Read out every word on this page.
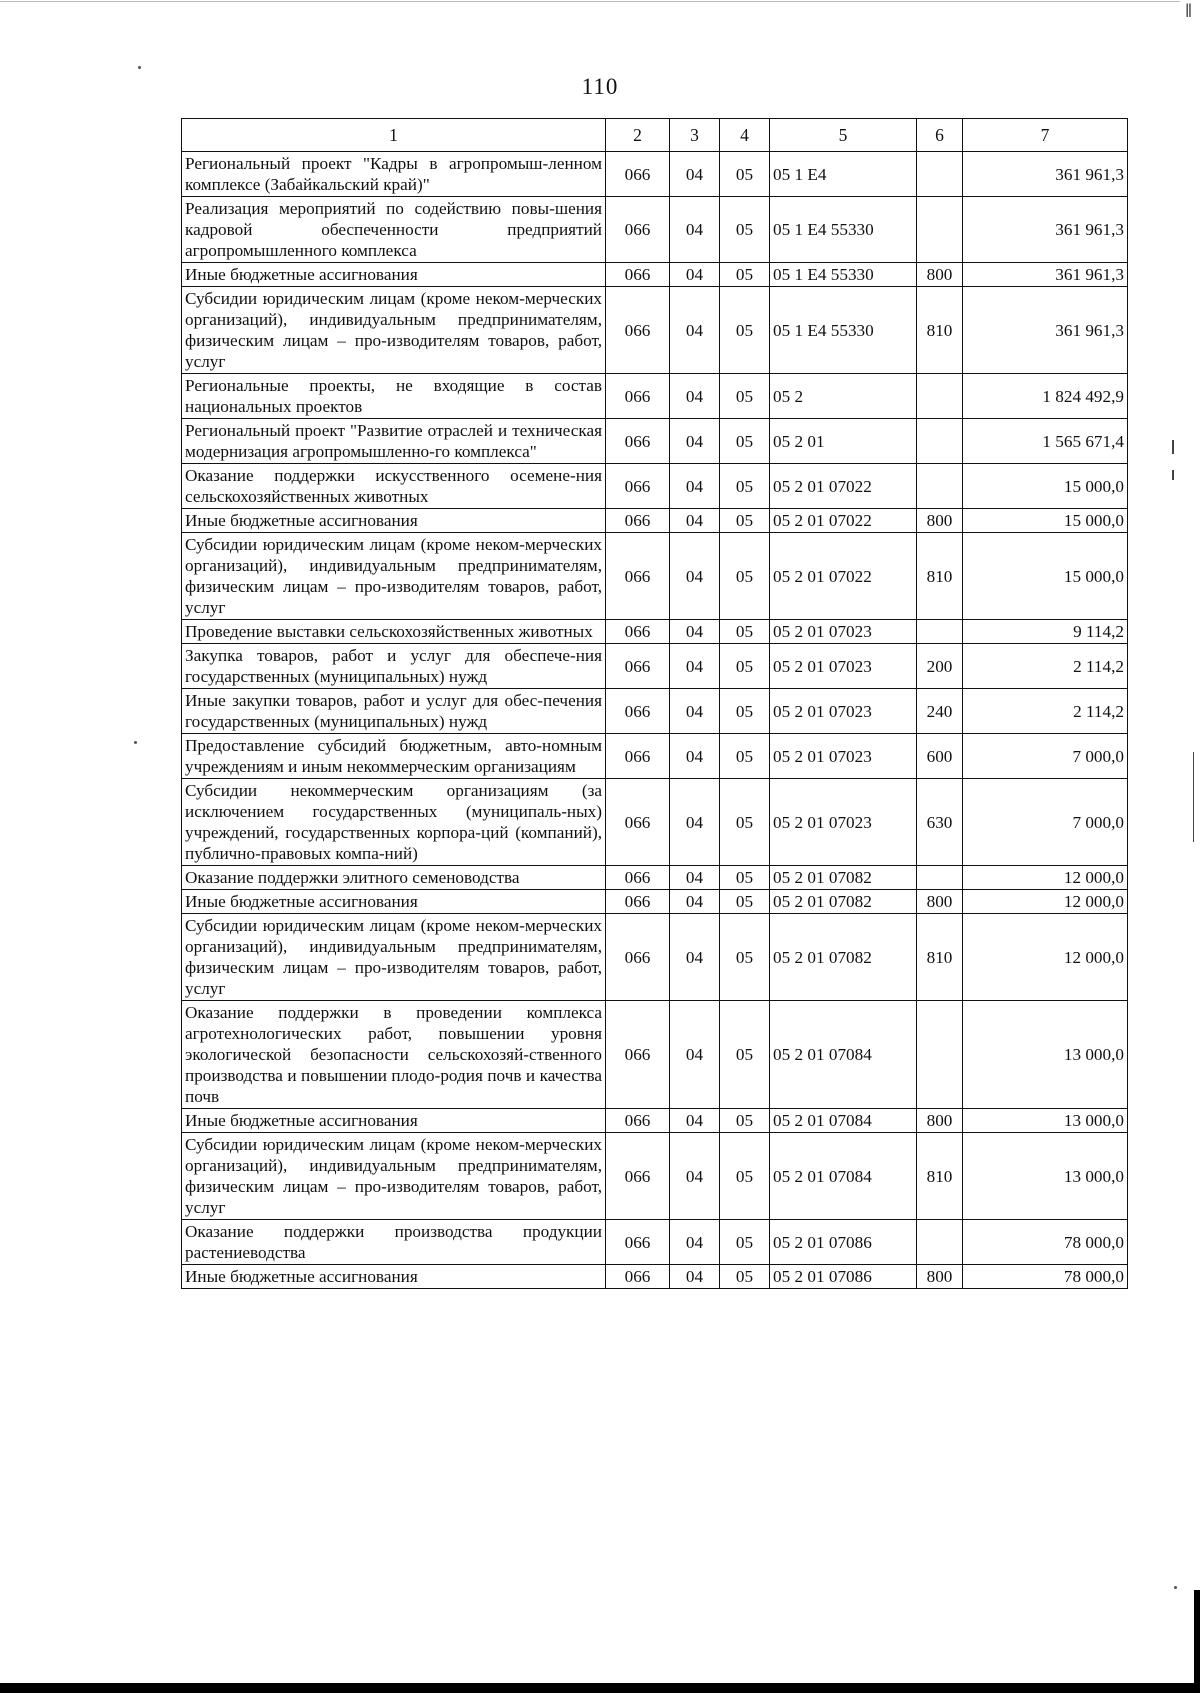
ǁ
110
1	2	3	4	5	6	7
Региональный проект "Кадры в агропромыш-ленном комплексе (Забайкальский край)"	066	04	05	05 1 E4		361 961,3
Реализация мероприятий по содействию повы-шения кадровой обеспеченности предприятий агропромышленного комплекса	066	04	05	05 1 E4 55330		361 961,3
Иные бюджетные ассигнования	066	04	05	05 1 E4 55330	800	361 961,3
Субсидии юридическим лицам (кроме неком-мерческих организаций), индивидуальным предпринимателям, физическим лицам – про-изводителям товаров, работ, услуг	066	04	05	05 1 E4 55330	810	361 961,3
Региональные проекты, не входящие в состав национальных проектов	066	04	05	05 2		1 824 492,9
Региональный проект "Развитие отраслей и техническая модернизация агропромышленно-го комплекса"	066	04	05	05 2 01		1 565 671,4
Оказание поддержки искусственного осемене-ния сельскохозяйственных животных	066	04	05	05 2 01 07022		15 000,0
Иные бюджетные ассигнования	066	04	05	05 2 01 07022	800	15 000,0
Субсидии юридическим лицам (кроме неком-мерческих организаций), индивидуальным предпринимателям, физическим лицам – про-изводителям товаров, работ, услуг	066	04	05	05 2 01 07022	810	15 000,0
Проведение выставки сельскохозяйственных животных	066	04	05	05 2 01 07023		9 114,2
Закупка товаров, работ и услуг для обеспече-ния государственных (муниципальных) нужд	066	04	05	05 2 01 07023	200	2 114,2
Иные закупки товаров, работ и услуг для обес-печения государственных (муниципальных) нужд	066	04	05	05 2 01 07023	240	2 114,2
Предоставление субсидий бюджетным, авто-номным учреждениям и иным некоммерческим организациям	066	04	05	05 2 01 07023	600	7 000,0
Субсидии некоммерческим организациям (за исключением государственных (муниципаль-ных) учреждений, государственных корпора-ций (компаний), публично-правовых компа-ний)	066	04	05	05 2 01 07023	630	7 000,0
Оказание поддержки элитного семеноводства	066	04	05	05 2 01 07082		12 000,0
Иные бюджетные ассигнования	066	04	05	05 2 01 07082	800	12 000,0
Субсидии юридическим лицам (кроме неком-мерческих организаций), индивидуальным предпринимателям, физическим лицам – про-изводителям товаров, работ, услуг	066	04	05	05 2 01 07082	810	12 000,0
Оказание поддержки в проведении комплекса агротехнологических работ, повышении уровня экологической безопасности сельскохозяй-ственного производства и повышении плодо-родия почв и качества почв	066	04	05	05 2 01 07084		13 000,0
Иные бюджетные ассигнования	066	04	05	05 2 01 07084	800	13 000,0
Субсидии юридическим лицам (кроме неком-мерческих организаций), индивидуальным предпринимателям, физическим лицам – про-изводителям товаров, работ, услуг	066	04	05	05 2 01 07084	810	13 000,0
Оказание поддержки производства продукции растениеводства	066	04	05	05 2 01 07086		78 000,0
Иные бюджетные ассигнования	066	04	05	05 2 01 07086	800	78 000,0
